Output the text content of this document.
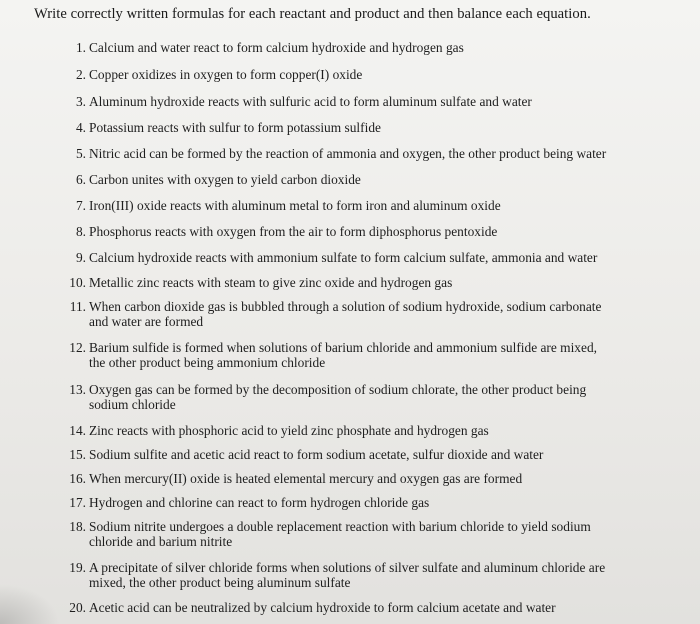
Write correctly written formulas for each reactant and product and then balance each equation.
1. Calcium and water react to form calcium hydroxide and hydrogen gas
2. Copper oxidizes in oxygen to form copper(I) oxide
3. Aluminum hydroxide reacts with sulfuric acid to form aluminum sulfate and water
4. Potassium reacts with sulfur to form potassium sulfide
5. Nitric acid can be formed by the reaction of ammonia and oxygen, the other product being water
6. Carbon unites with oxygen to yield carbon dioxide
7. Iron(III) oxide reacts with aluminum metal to form iron and aluminum oxide
8. Phosphorus reacts with oxygen from the air to form diphosphorus pentoxide
9. Calcium hydroxide reacts with ammonium sulfate to form calcium sulfate, ammonia and water
10. Metallic zinc reacts with steam to give zinc oxide and hydrogen gas
11. When carbon dioxide gas is bubbled through a solution of sodium hydroxide, sodium carbonate
and water are formed
12. Barium sulfide is formed when solutions of barium chloride and ammonium sulfide are mixed,
the other product being ammonium chloride
13. Oxygen gas can be formed by the decomposition of sodium chlorate, the other product being
sodium chloride
14. Zinc reacts with phosphoric acid to yield zinc phosphate and hydrogen gas
15. Sodium sulfite and acetic acid react to form sodium acetate, sulfur dioxide and water
16. When mercury(II) oxide is heated elemental mercury and oxygen gas are formed
17. Hydrogen and chlorine can react to form hydrogen chloride gas
18. Sodium nitrite undergoes a double replacement reaction with barium chloride to yield sodium
chloride and barium nitrite
19. A precipitate of silver chloride forms when solutions of silver sulfate and aluminum chloride are
mixed, the other product being aluminum sulfate
20. Acetic acid can be neutralized by calcium hydroxide to form calcium acetate and water
